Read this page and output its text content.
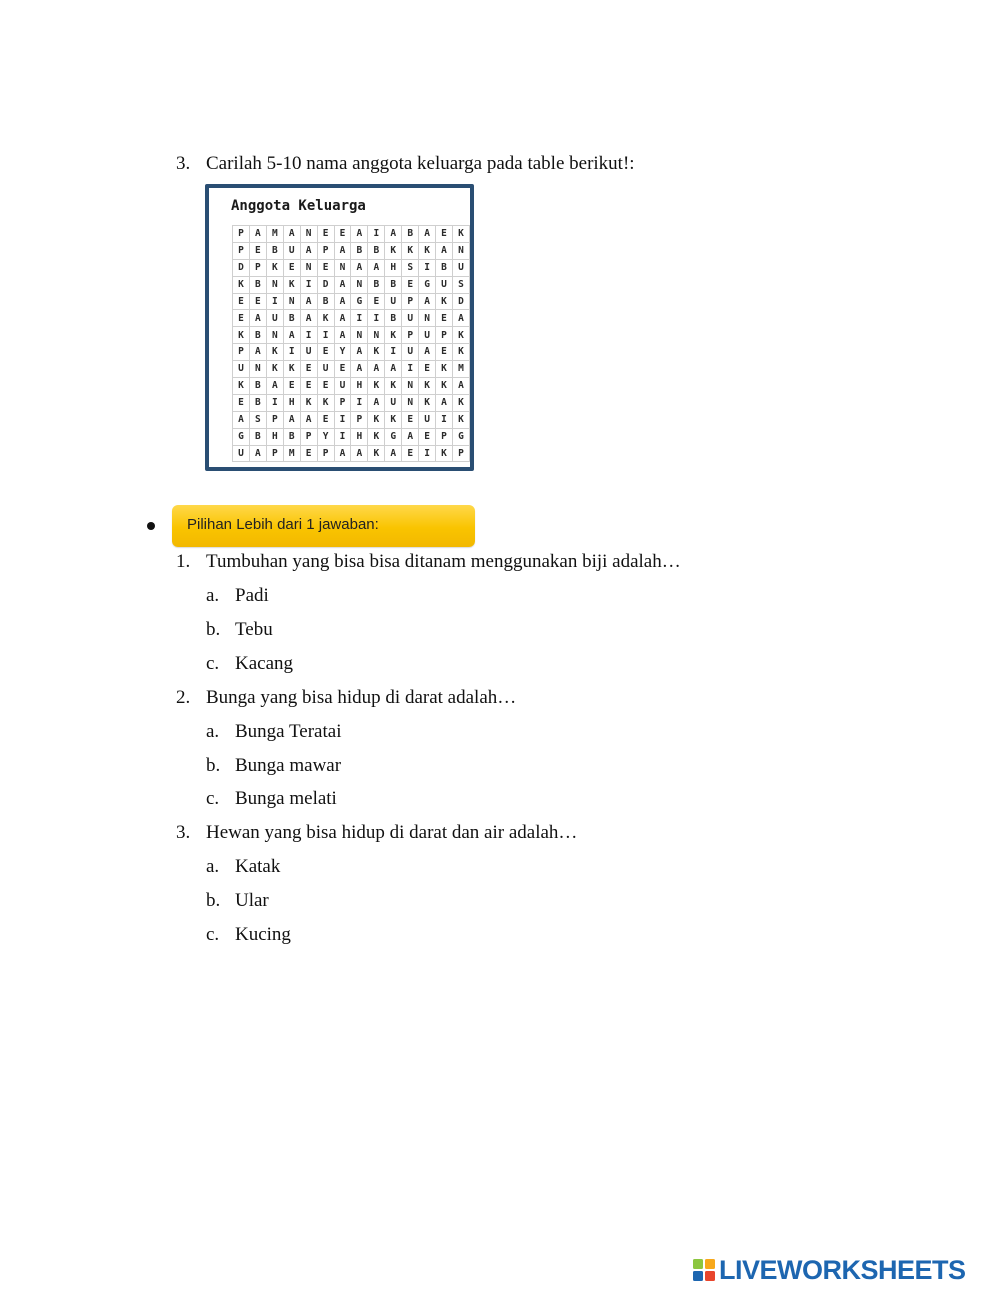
3. Carilah 5-10 nama anggota keluarga pada table berikut!:
Anggota Keluarga
P	A	M	A	N	E	E	A	I	A	B	A	E	K
P	E	B	U	A	P	A	B	B	K	K	K	A	N
D	P	K	E	N	E	N	A	A	H	S	I	B	U
K	B	N	K	I	D	A	N	B	B	E	G	U	S
E	E	I	N	A	B	A	G	E	U	P	A	K	D
E	A	U	B	A	K	A	I	I	B	U	N	E	A
K	B	N	A	I	I	A	N	N	K	P	U	P	K
P	A	K	I	U	E	Y	A	K	I	U	A	E	K
U	N	K	K	E	U	E	A	A	A	I	E	K	M
K	B	A	E	E	E	U	H	K	K	N	K	K	A
E	B	I	H	K	K	P	I	A	U	N	K	A	K
A	S	P	A	A	E	I	P	K	K	E	U	I	K
G	B	H	B	P	Y	I	H	K	G	A	E	P	G
U	A	P	M	E	P	A	A	K	A	E	I	K	P
Pilihan Lebih dari 1 jawaban:
1. Tumbuhan yang bisa bisa ditanam menggunakan biji adalah…
a. Padi
b. Tebu
c. Kacang
2. Bunga yang bisa hidup di darat adalah…
a. Bunga Teratai
b. Bunga mawar
c. Bunga melati
3. Hewan yang bisa hidup di darat dan air adalah…
a. Katak
b. Ular
c. Kucing
LIVEWORKSHEETS
